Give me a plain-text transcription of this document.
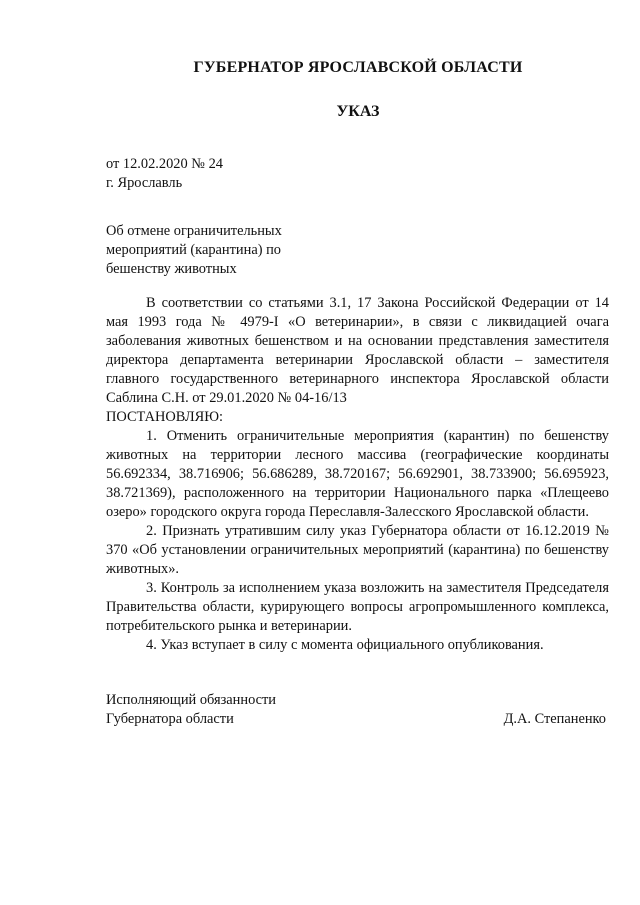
ГУБЕРНАТОР ЯРОСЛАВСКОЙ ОБЛАСТИ
УКАЗ
от 12.02.2020 № 24
г. Ярославль
Об отмене ограничительных
мероприятий (карантина) по
бешенству животных

В соответствии со статьями 3.1, 17 Закона Российской Федерации от 14 мая 1993 года № 4979-I «О ветеринарии», в связи с ликвидацией очага заболевания животных бешенством и на основании представления заместителя директора департамента ветеринарии Ярославской области – заместителя главного государственного ветеринарного инспектора Ярославской области Саблина С.Н. от 29.01.2020 № 04-16/13

ПОСТАНОВЛЯЮ:

1. Отменить ограничительные мероприятия (карантин) по бешенству животных на территории лесного массива (географические координаты 56.692334, 38.716906; 56.686289, 38.720167; 56.692901, 38.733900; 56.695923, 38.721369), расположенного на территории Национального парка «Плещеево озеро» городского округа города Переславля-Залесского Ярославской области.

2. Признать утратившим силу указ Губернатора области от 16.12.2019 № 370 «Об установлении ограничительных мероприятий (карантина) по бешенству животных».

3. Контроль за исполнением указа возложить на заместителя Председателя Правительства области, курирующего вопросы агропромышленного комплекса, потребительского рынка и ветеринарии.

4. Указ вступает в силу с момента официального опубликования.

Исполняющий обязанности
Губернатора области	Д.А. Степаненко
